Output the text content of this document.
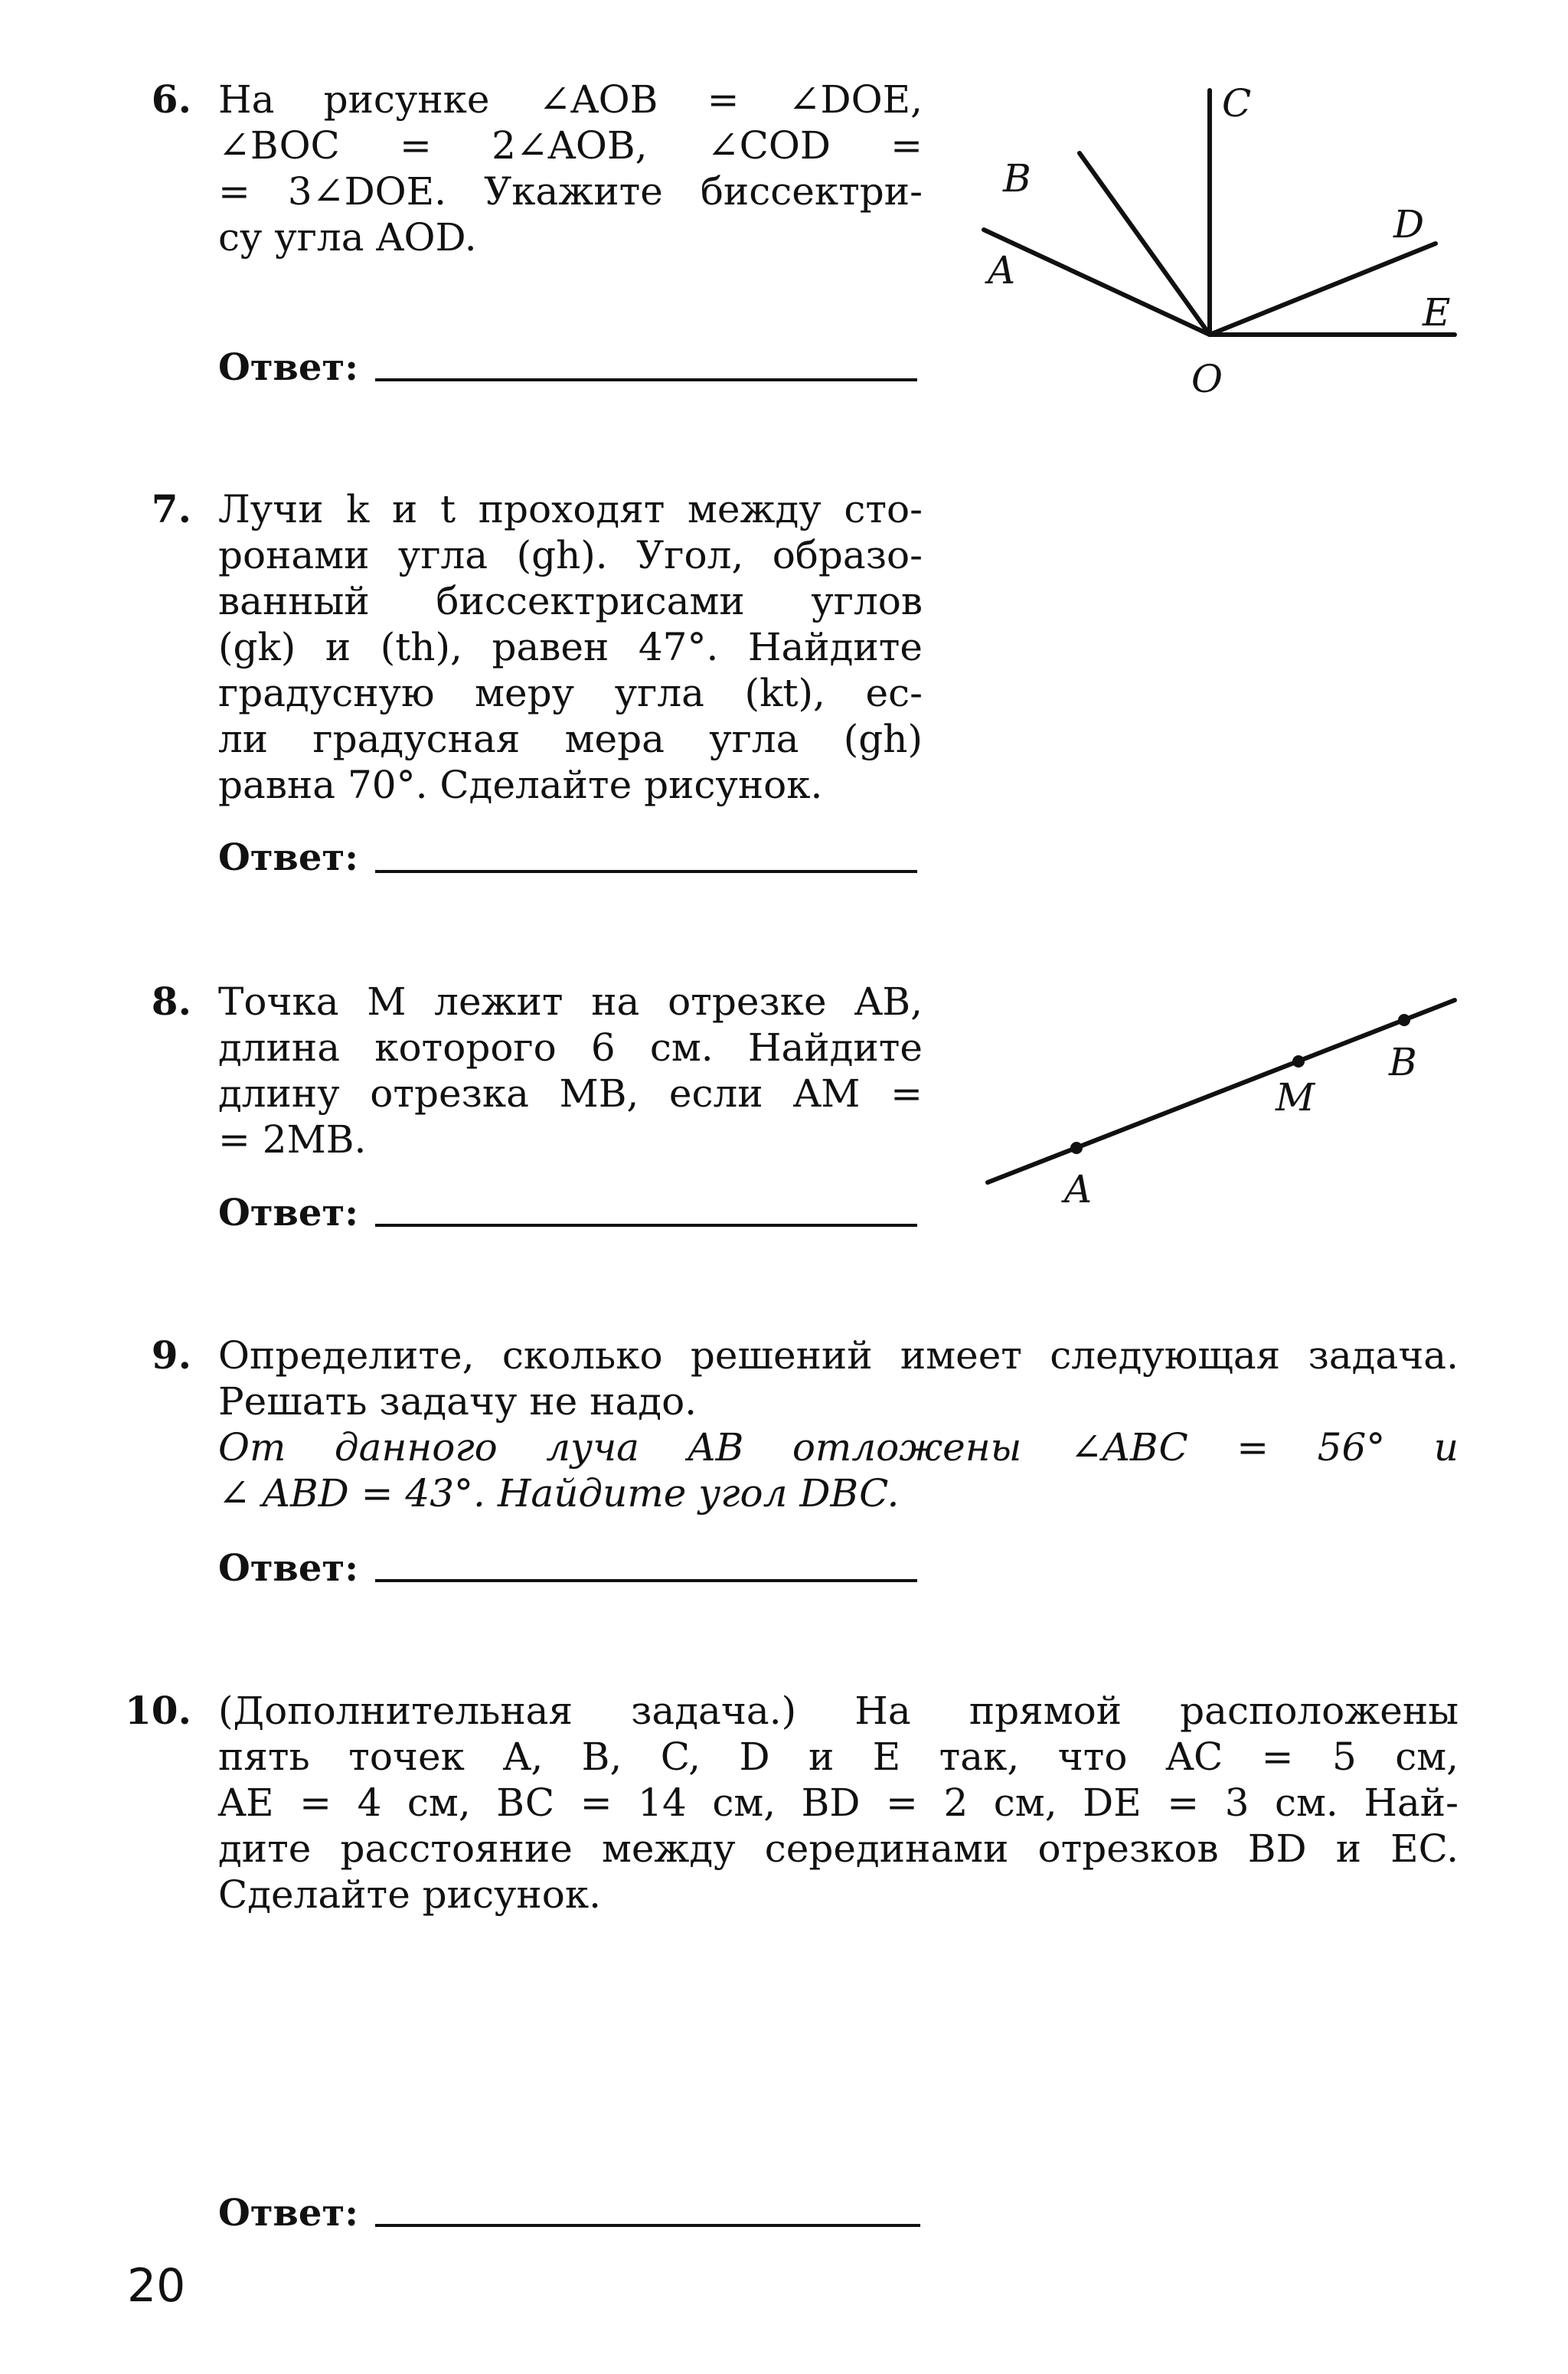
6. На рисунке ∠AOB = ∠DOE,

∠BOC = 2∠AOB, ∠COD =

= 3∠DOE. Укажите биссектри-

су угла AOD.

Ответ:
C
B
A
D
E
O
7. Лучи k и t проходят между сто-

ронами угла (gh). Угол, образо-

ванный биссектрисами углов

(gk) и (th), равен 47°. Найдите

градусную меру угла (kt), ес-

ли градусная мера угла (gh)

равна 70°. Сделайте рисунок.

Ответ:
8. Точка M лежит на отрезке AB,

длина которого 6 см. Найдите

длину отрезка MB, если AM =

= 2MB.

Ответ:
A
M
B
9. Определите, сколько решений имеет следующая задача.

Решать задачу не надо.

От данного луча AB отложены ∠ABC = 56° и

∠ ABD = 43°. Найдите угол DBC.

Ответ:
10. (Дополнительная задача.) На прямой расположены

пять точек A, B, C, D и E так, что AC = 5 см,

AE = 4 см, BC = 14 см, BD = 2 см, DE = 3 см. Най-

дите расстояние между серединами отрезков BD и EC.

Сделайте рисунок.

Ответ:
20
